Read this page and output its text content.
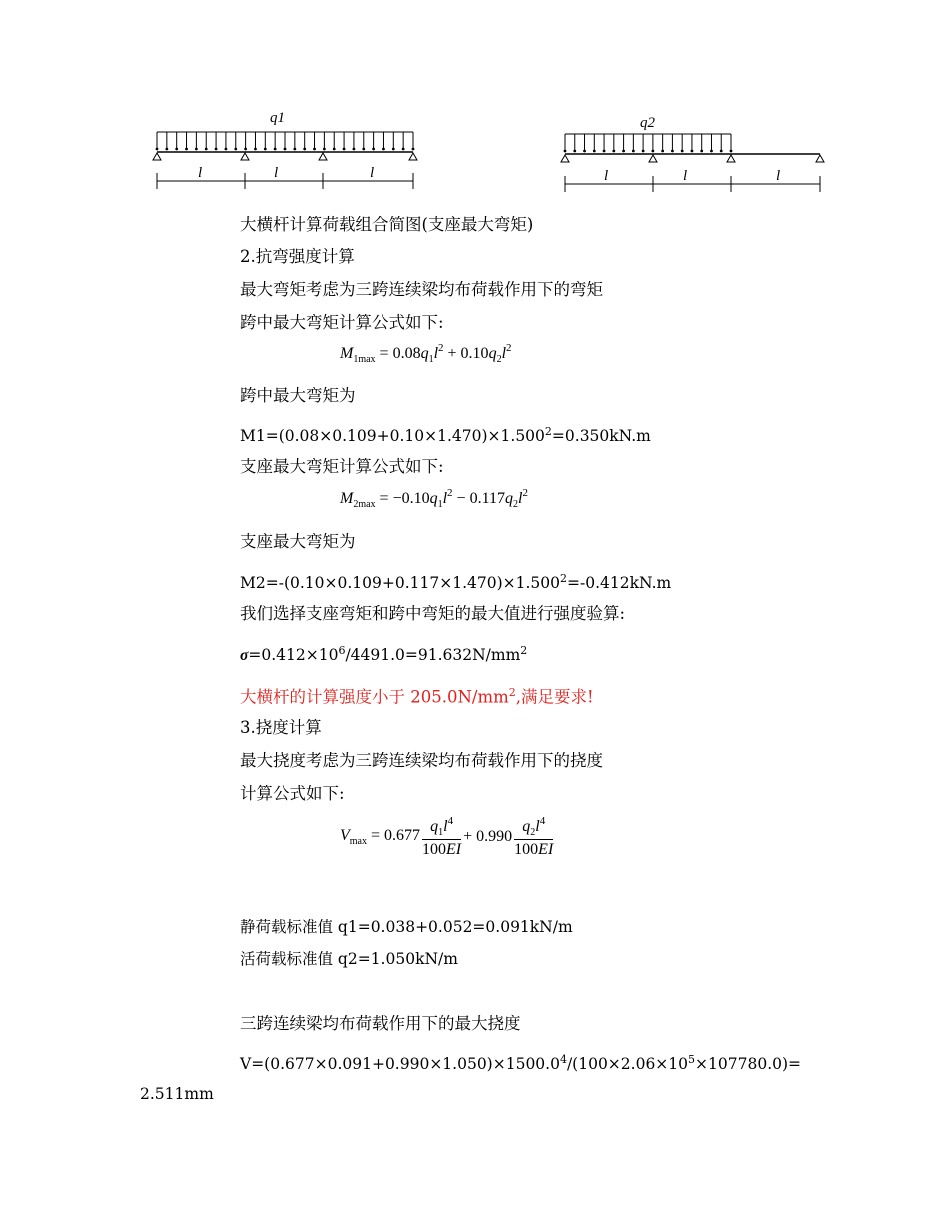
q1	q2
l	l	l	l	l	l
大横杆计算荷载组合简图(支座最大弯矩)
2.抗弯强度计算
最大弯矩考虑为三跨连续梁均布荷载作用下的弯矩
跨中最大弯矩计算公式如下:
$M_{1max} = 0.08q_1l^2 + 0.10q_2l^2$
跨中最大弯矩为
$M1=(0.08\times 0.109+0.10\times 1.470)\times 1.500^2=0.350kN.m$
支座最大弯矩计算公式如下:
$M_{2max} = -0.10q_1l^2 - 0.117q_2l^2$
支座最大弯矩为
$M2=-(0.10\times 0.109+0.117\times 1.470)\times 1.500^2=-0.412kN.m$
我们选择支座弯矩和跨中弯矩的最大值进行强度验算:
$\sigma=0.412\times 10^6/4491.0=91.632N/mm^2$
大横杆的计算强度小于 $205.0N/mm^2$,满足要求!
3.挠度计算
最大挠度考虑为三跨连续梁均布荷载作用下的挠度
计算公式如下:
$V_{max} = 0.677 \frac{q_1l^4}{100EI} + 0.990 \frac{q_2l^4}{100EI}$
静荷载标准值 q1=0.038+0.052=0.091kN/m
活荷载标准值 q2=1.050kN/m
三跨连续梁均布荷载作用下的最大挠度
$V=(0.677\times 0.091+0.990\times 1.050)\times 1500.0^4/(100\times 2.06\times 10^5\times 107780.0)=$
2.511mm
